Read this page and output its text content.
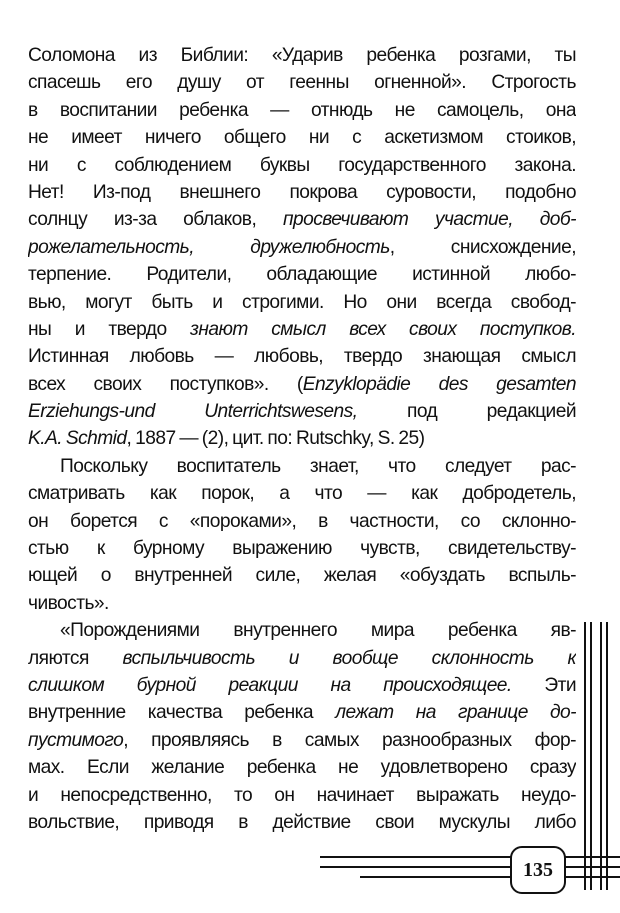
Соломона из Библии: «Ударив ребенка розгами, ты
спасешь его душу от геенны огненной». Строгость
в воспитании ребенка — отнюдь не самоцель, она
не имеет ничего общего ни с аскетизмом стоиков,
ни с соблюдением буквы государственного закона.
Нет! Из-под внешнего покрова суровости, подобно
солнцу из-за облаков, просвечивают участие, доб-
рожелательность, дружелюбность, снисхождение,
терпение. Родители, обладающие истинной любо-
вью, могут быть и строгими. Но они всегда свобод-
ны и твердо знают смысл всех своих поступков.
Истинная любовь — любовь, твердо знающая смысл
всех своих поступков». (Enzyklopädie des gesamten
Erziehungs-und Unterrichtswesens, под редакцией
K.A. Schmid, 1887 — (2), цит. по: Rutschky, S. 25)
Поскольку воспитатель знает, что следует рас-
сматривать как порок, а что — как добродетель,
он борется с «пороками», в частности, со склонно-
стью к бурному выражению чувств, свидетельству-
ющей о внутренней силе, желая «обуздать вспыль-
чивость».
«Порождениями внутреннего мира ребенка яв-
ляются вспыльчивость и вообще склонность к
слишком бурной реакции на происходящее. Эти
внутренние качества ребенка лежат на границе до-
пустимого, проявляясь в самых разнообразных фор-
мах. Если желание ребенка не удовлетворено сразу
и непосредственно, то он начинает выражать неудо-
вольствие, приводя в действие свои мускулы либо
135
